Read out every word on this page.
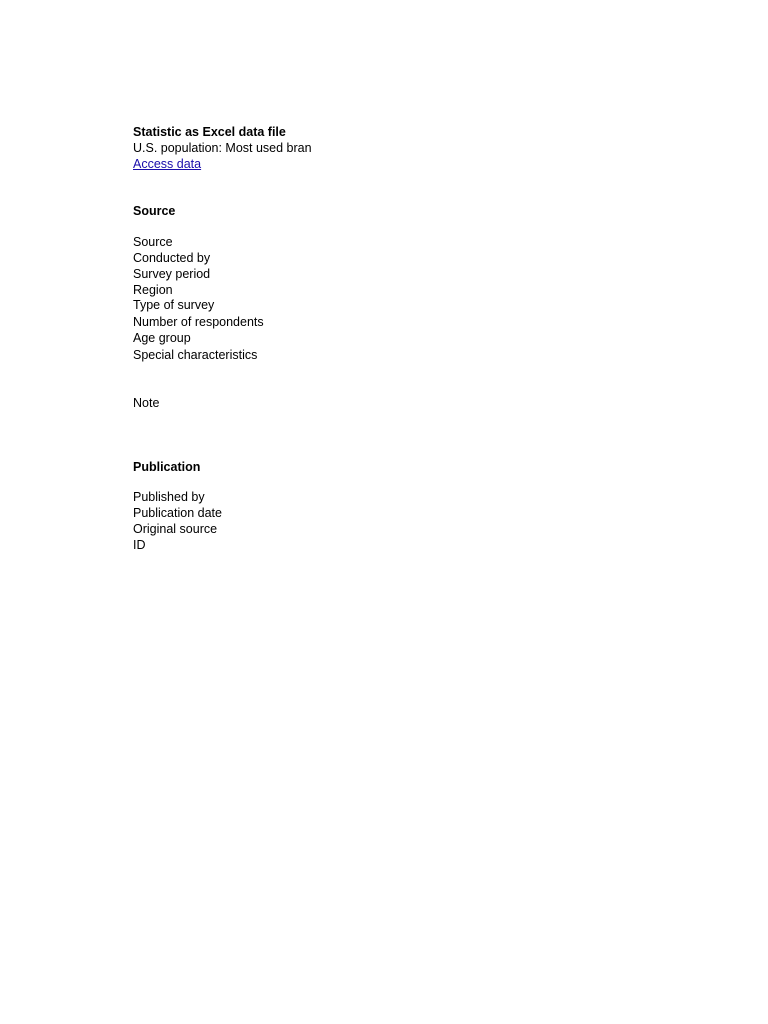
Statistic as Excel data file
U.S. population: Most used bran
Access data
Source
Source
Conducted by
Survey period
Region
Type of survey
Number of respondents
Age group
Special characteristics
Note
Publication
Published by
Publication date
Original source
ID
